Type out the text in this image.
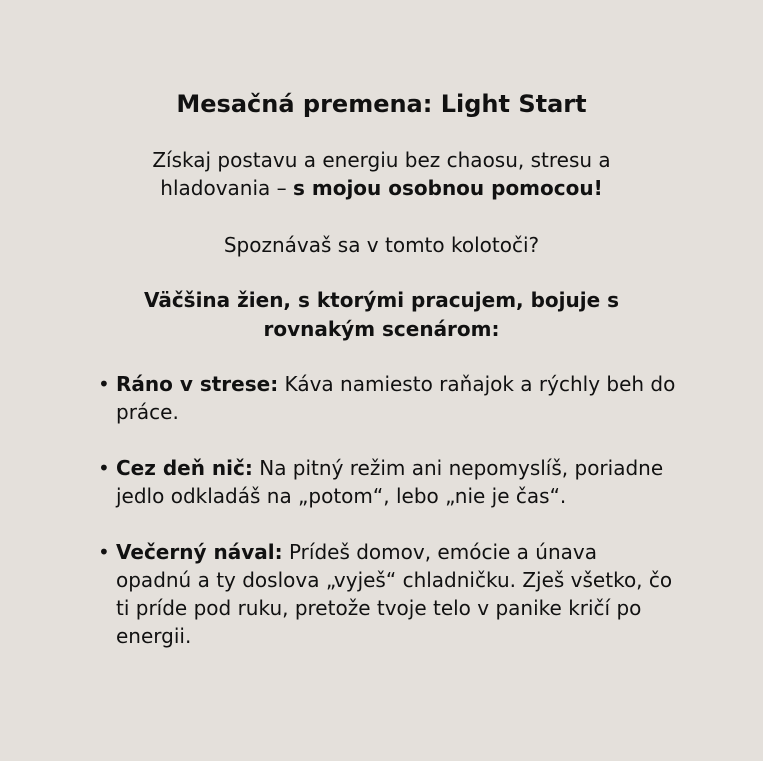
Mesačná premena: Light Start

Získaj postavu a energiu bez chaosu, stresu a hladovania – s mojou osobnou pomocou!

Spoznávaš sa v tomto kolotoči?

Väčšina žien, s ktorými pracujem, bojuje s rovnakým scenárom:

• Ráno v strese: Káva namiesto raňajok a rýchly beh do práce.
• Cez deň nič: Na pitný režim ani nepomyslíš, poriadne jedlo odkladáš na „potom“, lebo „nie je čas“.
• Večerný nával: Prídeš domov, emócie a únava opadnú a ty doslova „vyješ“ chladničku. Zješ všetko, čo ti príde pod ruku, pretože tvoje telo v panike kričí po energii.
